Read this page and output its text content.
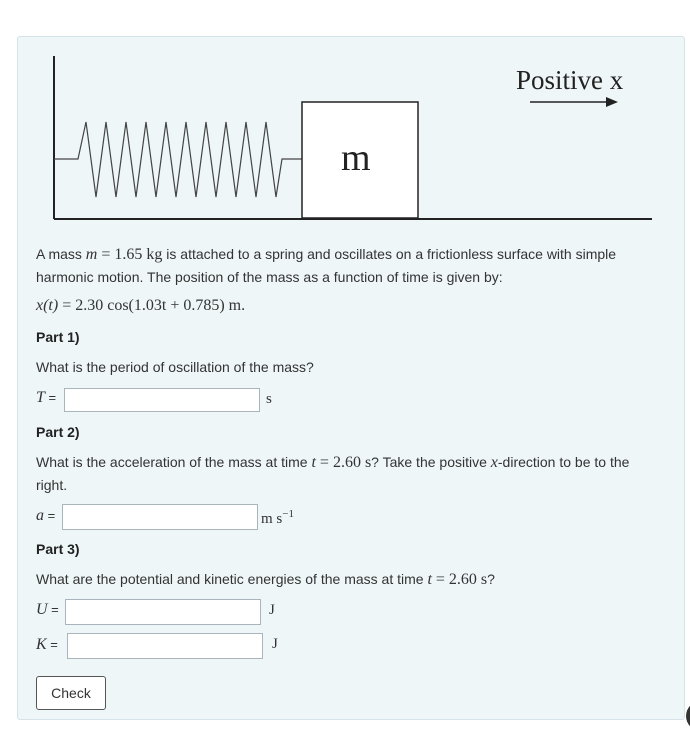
m
Positive x
A mass m = 1.65 kg is attached to a spring and oscillates on a frictionless surface with simple
harmonic motion. The position of the mass as a function of time is given by:
x(t) = 2.30 cos(1.03t + 0.785) m.
Part 1)
What is the period of oscillation of the mass?
T =	s
Part 2)
What is the acceleration of the mass at time t = 2.60 s? Take the positive x-direction to be to the
right.
a =	m $s^{-1}$
Part 3)
What are the potential and kinetic energies of the mass at time t = 2.60 s?
U =	J
K =	J
Check
